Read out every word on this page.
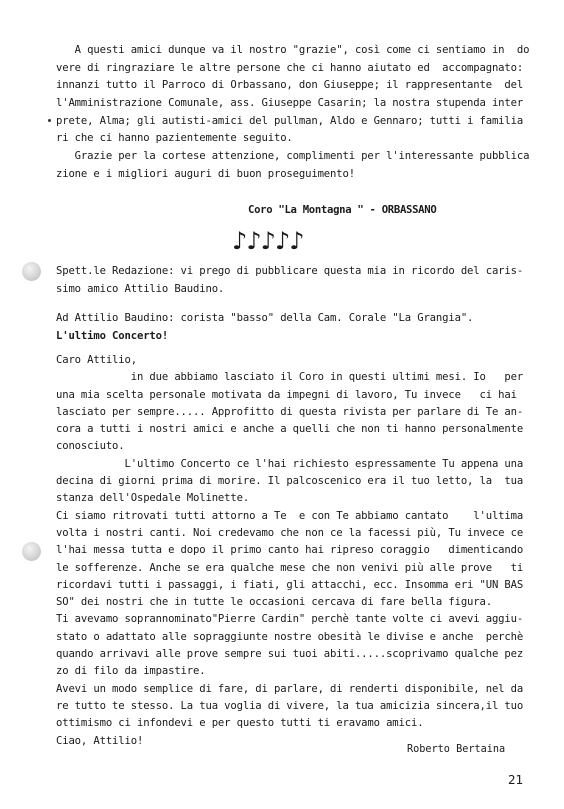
A questi amici dunque va il nostro "grazie", così come ci sentiamo in  do
vere di ringraziare le altre persone che ci hanno aiutato ed  accompagnato:
innanzi tutto il Parroco di Orbassano, don Giuseppe; il rappresentante  del
l'Amministrazione Comunale, ass. Giuseppe Casarin; la nostra stupenda inter
prete, Alma; gli autisti-amici del pullman, Aldo e Gennaro; tutti i familia
ri che ci hanno pazientemente seguito.
Grazie per la cortese attenzione, complimenti per l'interessante pubblica
zione e i migliori auguri di buon proseguimento!
Coro "La Montagna " - ORBASSANO
♪♪♪♪♪
Spett.le Redazione: vi prego di pubblicare questa mia in ricordo del caris-
simo amico Attilio Baudino.
Ad Attilio Baudino: corista "basso" della Cam. Corale "La Grangia".
L'ultimo Concerto!
Caro Attilio,
in due abbiamo lasciato il Coro in questi ultimi mesi. Io   per
una mia scelta personale motivata da impegni di lavoro, Tu invece   ci hai
lasciato per sempre..... Approfitto di questa rivista per parlare di Te an-
cora a tutti i nostri amici e anche a quelli che non ti hanno personalmente
conosciuto.
L'ultimo Concerto ce l'hai richiesto espressamente Tu appena una
decina di giorni prima di morire. Il palcoscenico era il tuo letto, la  tua
stanza dell'Ospedale Molinette.
Ci siamo ritrovati tutti attorno a Te  e con Te abbiamo cantato    l'ultima
volta i nostri canti. Noi credevamo che non ce la facessi più, Tu invece ce
l'hai messa tutta e dopo il primo canto hai ripreso coraggio   dimenticando
le sofferenze. Anche se era qualche mese che non venivi più alle prove   ti
ricordavi tutti i passaggi, i fiati, gli attacchi, ecc. Insomma eri "UN BAS
SO" dei nostri che in tutte le occasioni cercava di fare bella figura.
Ti avevamo soprannominato"Pierre Cardin" perchè tante volte ci avevi aggiu-
stato o adattato alle sopraggiunte nostre obesità le divise e anche  perchè
quando arrivavi alle prove sempre sui tuoi abiti.....scoprivamo qualche pez
zo di filo da impastire.
Avevi un modo semplice di fare, di parlare, di renderti disponibile, nel da
re tutto te stesso. La tua voglia di vivere, la tua amicizia sincera,il tuo
ottimismo ci infondevi e per questo tutti ti eravamo amici.
Ciao, Attilio!
Roberto Bertaina
21
